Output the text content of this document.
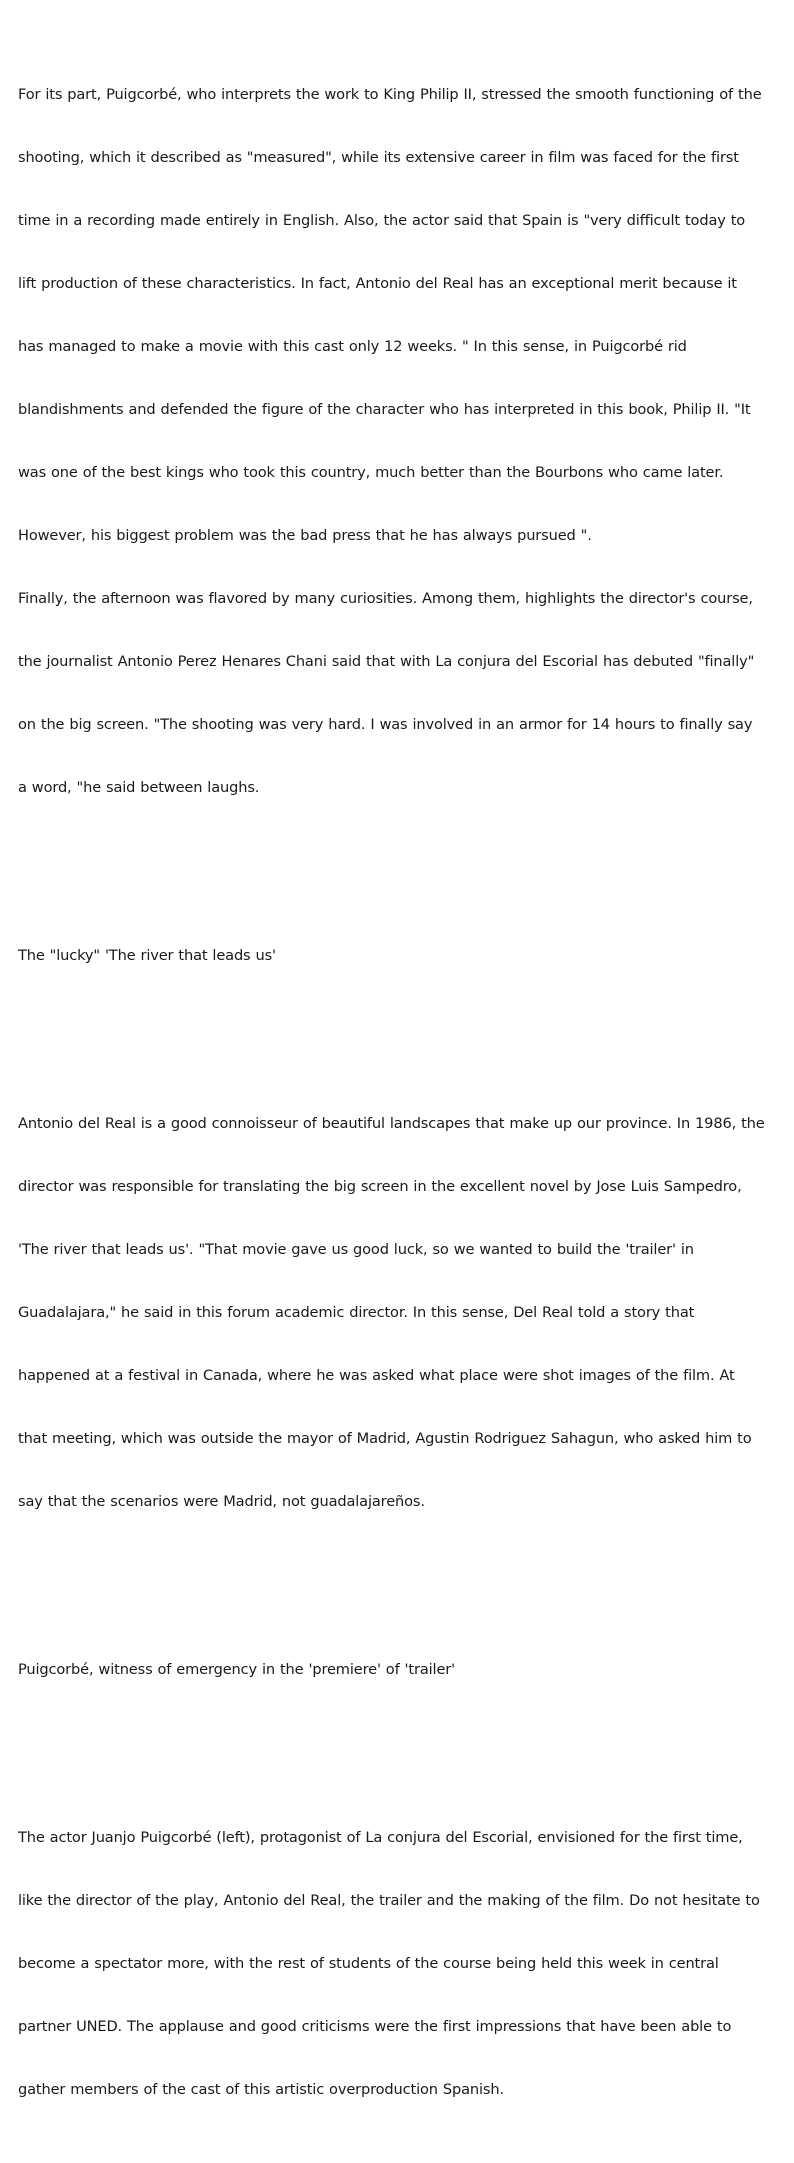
For its part, Puigcorbé, who interprets the work to King Philip II, stressed the smooth functioning of the

shooting, which it described as "measured", while its extensive career in film was faced for the first

time in a recording made entirely in English. Also, the actor said that Spain is "very difficult today to

lift production of these characteristics. In fact, Antonio del Real has an exceptional merit because it

has managed to make a movie with this cast only 12 weeks. " In this sense, in Puigcorbé rid

blandishments and defended the figure of the character who has interpreted in this book, Philip II. "It

was one of the best kings who took this country, much better than the Bourbons who came later.

However, his biggest problem was the bad press that he has always pursued ".

Finally, the afternoon was flavored by many curiosities. Among them, highlights the director's course,

the journalist Antonio Perez Henares Chani said that with La conjura del Escorial has debuted "finally"

on the big screen. "The shooting was very hard. I was involved in an armor for 14 hours to finally say

a word, "he said between laughs.

The "lucky" 'The river that leads us'

Antonio del Real is a good connoisseur of beautiful landscapes that make up our province. In 1986, the

director was responsible for translating the big screen in the excellent novel by Jose Luis Sampedro,

'The river that leads us'. "That movie gave us good luck, so we wanted to build the 'trailer' in

Guadalajara," he said in this forum academic director. In this sense, Del Real told a story that

happened at a festival in Canada, where he was asked what place were shot images of the film. At

that meeting, which was outside the mayor of Madrid, Agustin Rodriguez Sahagun, who asked him to

say that the scenarios were Madrid, not guadalajareños.

Puigcorbé, witness of emergency in the 'premiere' of 'trailer'

The actor Juanjo Puigcorbé (left), protagonist of La conjura del Escorial, envisioned for the first time,

like the director of the play, Antonio del Real, the trailer and the making of the film. Do not hesitate to

become a spectator more, with the rest of students of the course being held this week in central

partner UNED. The applause and good criticisms were the first impressions that have been able to

gather members of the cast of this artistic overproduction Spanish.
